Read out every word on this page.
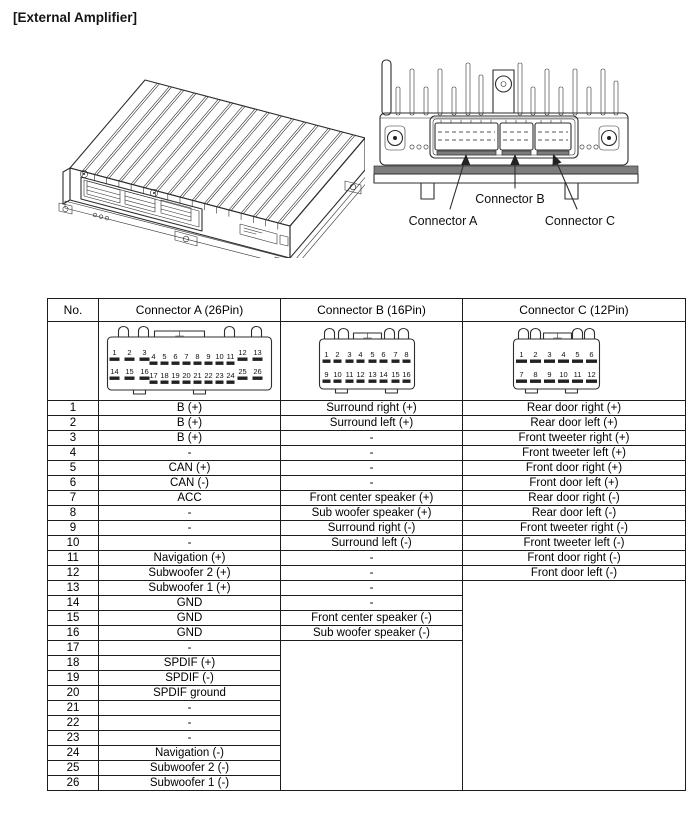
[External Amplifier]
Connector B
Connector A	Connector C
No.	Connector A (26Pin)	Connector B (16Pin)	Connector C (12Pin)

1 2 3 4 5 6 7 8 9 10 11 12 13
14 15 16 17 18 19 20 21 22 23 24 25 26

1 2 3 4 5 6 7 8
9 10 11 12 13 14 15 16

1 2 3 4 5 6
7 8 9 10 11 12

1	B (+)	Surround right (+)	Rear door right (+)
2	B (+)	Surround left (+)	Rear door left (+)
3	B (+)	-	Front tweeter right (+)
4	-	-	Front tweeter left (+)
5	CAN (+)	-	Front door right (+)
6	CAN (-)	-	Front door left (+)
7	ACC	Front center speaker (+)	Rear door right (-)
8	-	Sub woofer speaker (+)	Rear door left (-)
9	-	Surround right (-)	Front tweeter right (-)
10	-	Surround left (-)	Front tweeter left (-)
11	Navigation (+)	-	Front door right (-)
12	Subwoofer 2 (+)	-	Front door left (-)
13	Subwoofer 1 (+)	-	
14	GND	-	
15	GND	Front center speaker (-)	
16	GND	Sub woofer speaker (-)	
17	-		
18	SPDIF (+)		
19	SPDIF (-)		
20	SPDIF ground		
21	-		
22	-		
23	-		
24	Navigation (-)		
25	Subwoofer 2 (-)		
26	Subwoofer 1 (-)		
